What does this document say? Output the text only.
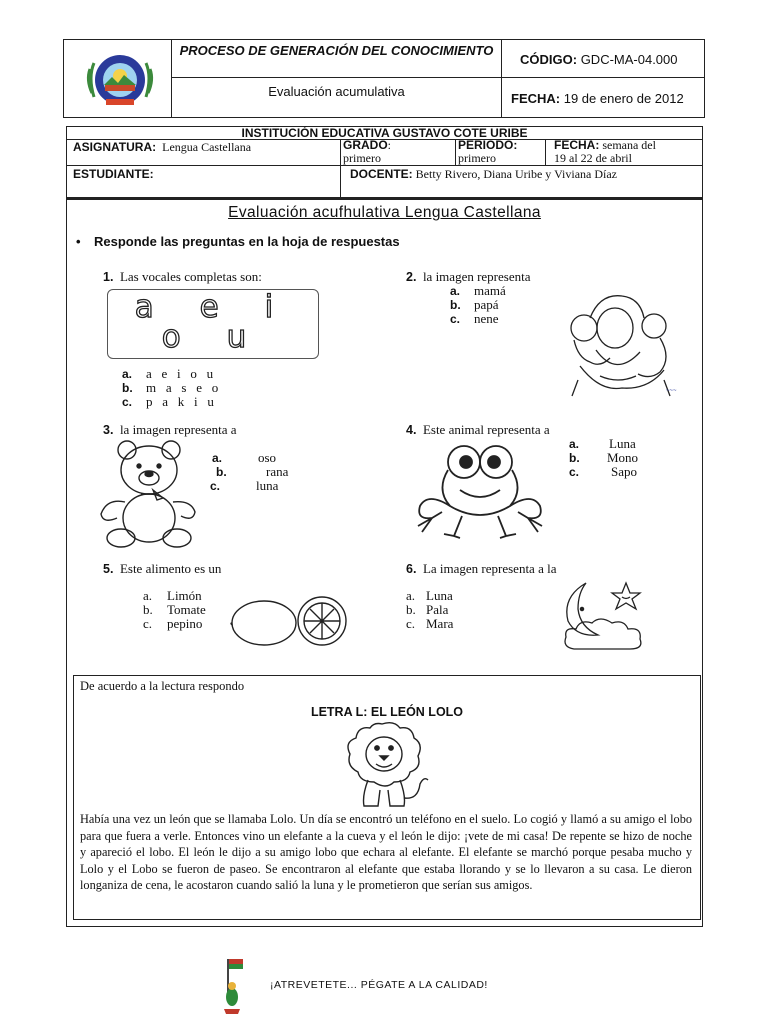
PROCESO DE GENERACIÓN DEL CONOCIMIENTO
Evaluación acumulativa
CÓDIGO: GDC-MA-04.000
FECHA: 19 de enero de 2012
INSTITUCIÓN EDUCATIVA GUSTAVO COTE URIBE
ASIGNATURA: Lengua Castellana	GRADO:
primero
PERIODO:
primero
FECHA: semana del
19 al 22 de abril
ESTUDIANTE:	DOCENTE: Betty Rivero, Diana Uribe y Viviana Díaz
Evaluación acufhulativa Lengua Castellana
• Responde las preguntas en la hoja de respuestas
1. Las vocales completas son:
a e i
o u
a. a   e   i   o   u
b. m   a   s   e   o
c. p   a   k   i   u
2. la imagen representa
a. mamá
b. papá
c. nene
~~~
3. la imagen representa a
a.	oso
b.	rana
c.	luna
4. Este animal representa a
a. Luna
b. Mono
c. Sapo
5. Este alimento es un
a. Limón
b. Tomate
c. pepino
6. La imagen representa a la
a. Luna
b. Pala
c. Mara
De acuerdo a la lectura respondo
LETRA L: EL LEÓN LOLO
Había una vez un león que se llamaba Lolo. Un día se encontró un teléfono en el suelo. Lo cogió y llamó a su amigo el lobo para que fuera a verle. Entonces vino un elefante a la cueva y el león le dijo: ¡vete de mi casa! De repente se hizo de noche y apareció el lobo. El león le dijo a su amigo lobo que echara al elefante. El elefante se marchó porque pesaba mucho y Lolo y el Lobo se fueron de paseo. Se encontraron al elefante que estaba llorando y se lo llevaron a su casa. Le dieron longaniza de cena, le acostaron cuando salió la luna y le prometieron que serían sus amigos.
¡ATREVETETE... PÉGATE A LA CALIDAD!
